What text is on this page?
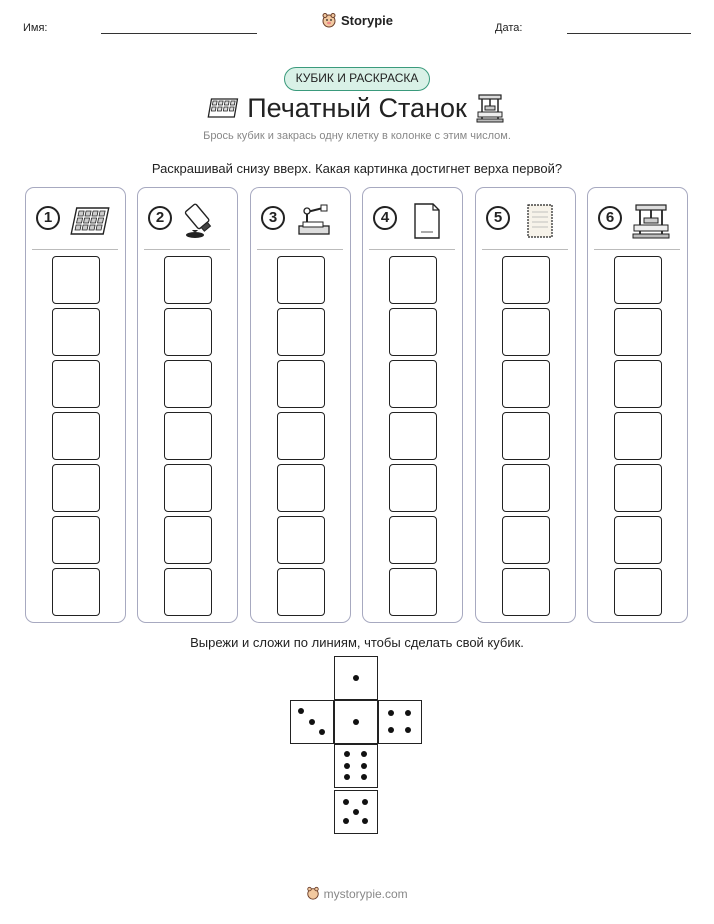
Имя:
Storypie
Дата:
КУБИК И РАСКРАСКА
Печатный Станок
Брось кубик и закрась одну клетку в колонке с этим числом.
Раскрашивай снизу вверх. Какая картинка достигнет верха первой?
1	2	3	4	5	6
Вырежи и сложи по линиям, чтобы сделать свой кубик.
mystorypie.com
